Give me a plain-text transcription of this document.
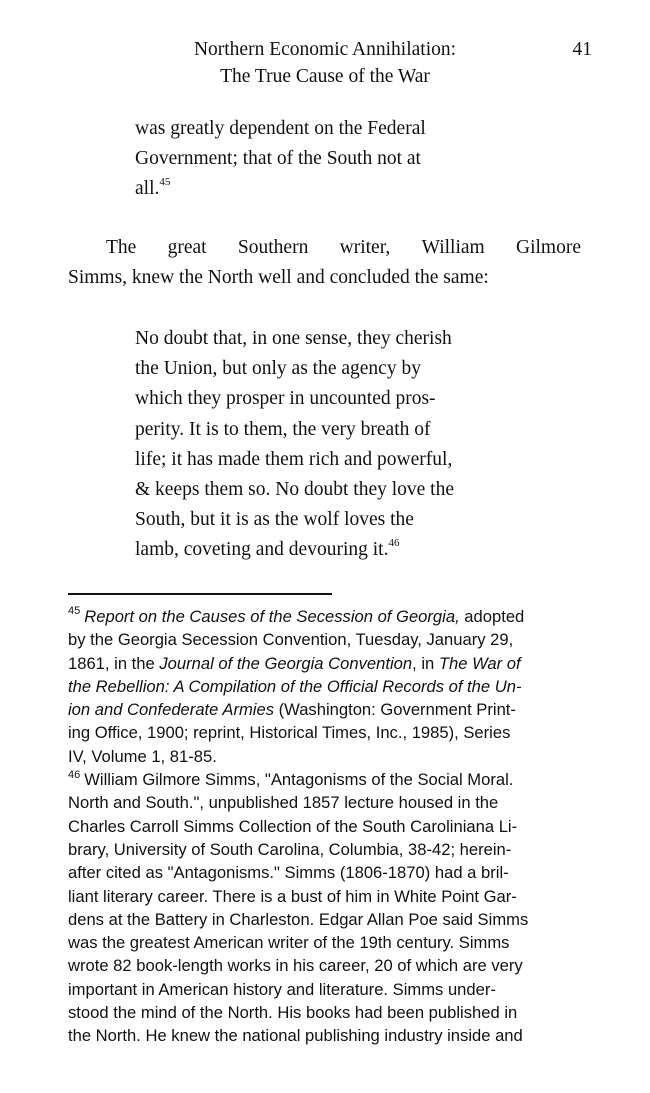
Northern Economic Annihilation:
The True Cause of the War
41
was greatly dependent on the Federal
Government; that of the South not at
all.$^{45}$
The great Southern writer, William Gilmore
Simms, knew the North well and concluded the same:
No doubt that, in one sense, they cherish
the Union, but only as the agency by
which they prosper in uncounted pros-
perity. It is to them, the very breath of
life; it has made them rich and powerful,
& keeps them so. No doubt they love the
South, but it is as the wolf loves the
lamb, coveting and devouring it.$^{46}$
$^{45}$ Report on the Causes of the Secession of Georgia, adopted
by the Georgia Secession Convention, Tuesday, January 29,
1861, in the Journal of the Georgia Convention, in The War of
the Rebellion: A Compilation of the Official Records of the Un-
ion and Confederate Armies (Washington: Government Print-
ing Office, 1900; reprint, Historical Times, Inc., 1985), Series
IV, Volume 1, 81-85.
$^{46}$ William Gilmore Simms, "Antagonisms of the Social Moral.
North and South.", unpublished 1857 lecture housed in the
Charles Carroll Simms Collection of the South Caroliniana Li-
brary, University of South Carolina, Columbia, 38-42; herein-
after cited as "Antagonisms." Simms (1806-1870) had a bril-
liant literary career. There is a bust of him in White Point Gar-
dens at the Battery in Charleston. Edgar Allan Poe said Simms
was the greatest American writer of the 19th century. Simms
wrote 82 book-length works in his career, 20 of which are very
important in American history and literature. Simms under-
stood the mind of the North. His books had been published in
the North. He knew the national publishing industry inside and
